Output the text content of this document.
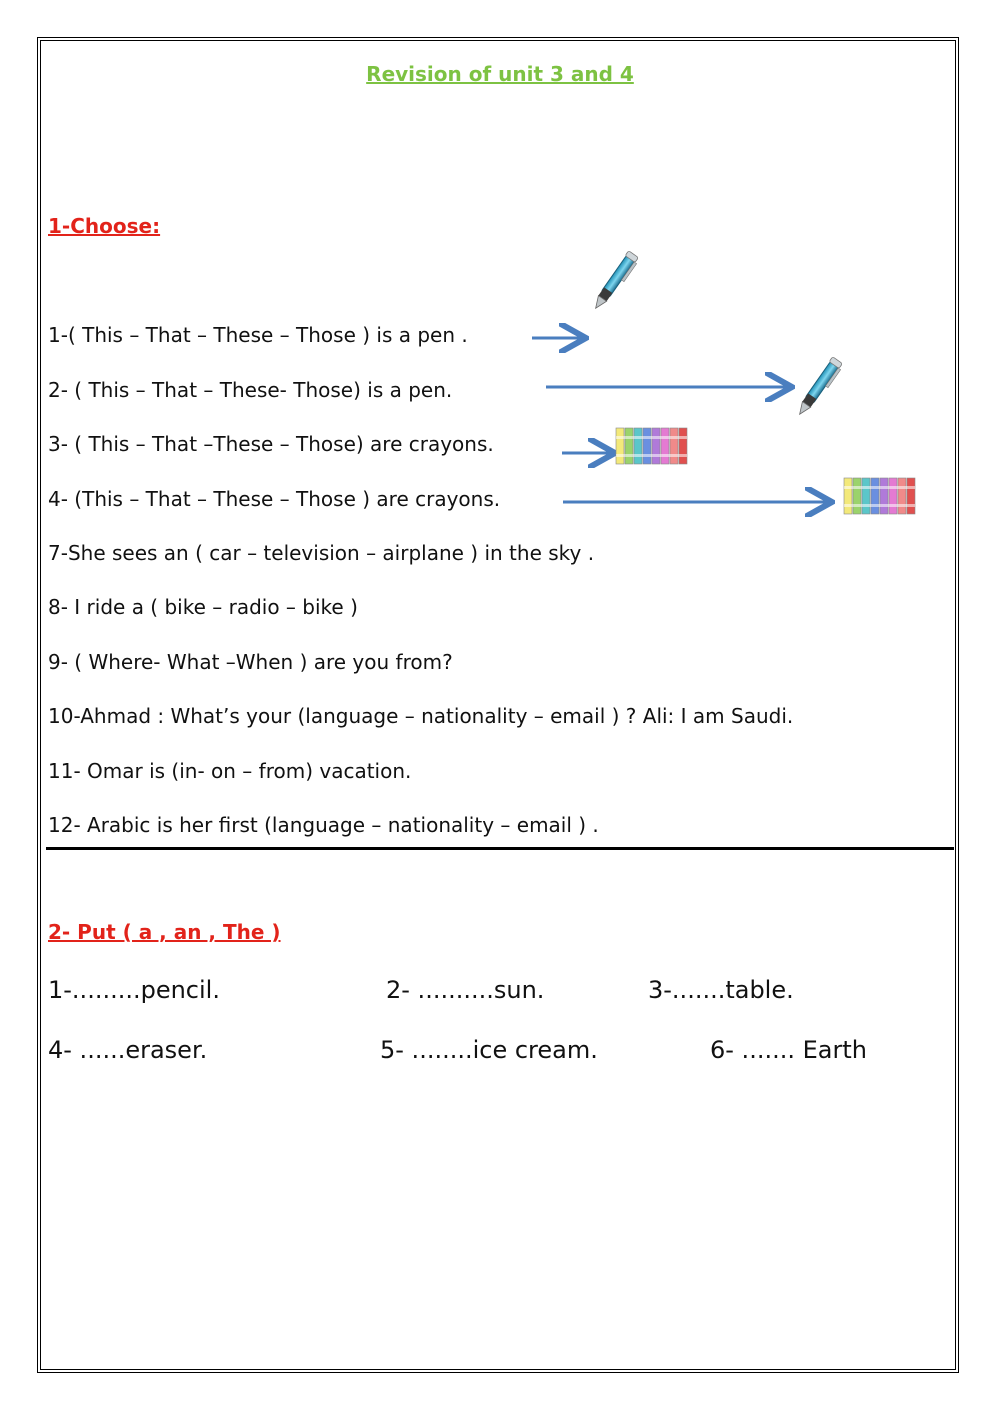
Revision of unit 3 and 4
1-Choose:
1-( This – That – These – Those ) is a pen .
2- ( This – That – These- Those) is a pen.
3- ( This – That –These – Those) are crayons.
4- (This – That – These – Those ) are crayons.
7-She sees an ( car – television – airplane ) in the sky .
8- I ride a ( bike – radio – bike )
9- ( Where- What –When ) are you from?
10-Ahmad : What’s your (language – nationality – email ) ? Ali: I am Saudi.
11- Omar is (in- on – from) vacation.
12- Arabic is her first (language – nationality – email ) .
2- Put ( a , an , The )
1-.........pencil.	2- ..........sun.	3-.......table.
4- ......eraser.	5- ........ice cream.	6- ....... Earth
